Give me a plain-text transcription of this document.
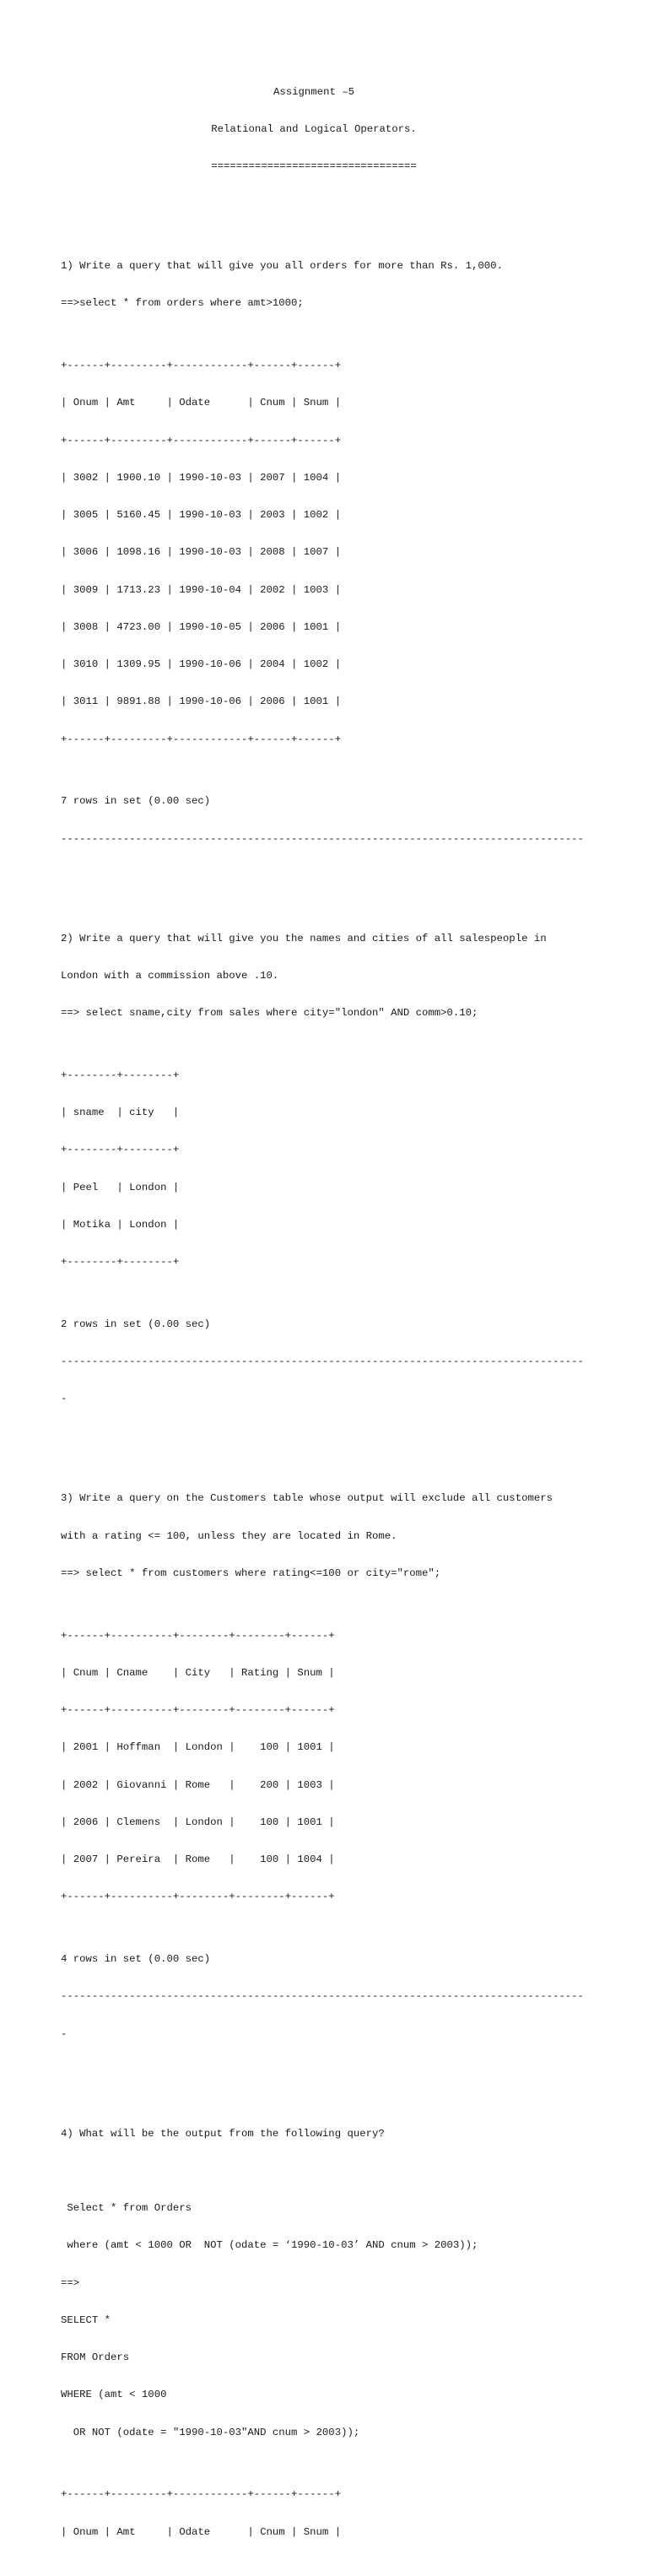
Assignment –5

Relational and Logical Operators.

=================================

1) Write a query that will give you all orders for more than Rs. 1,000.

==>select * from orders where amt>1000;

+------+---------+------------+------+------+

| Onum | Amt     | Odate      | Cnum | Snum |

+------+---------+------------+------+------+

| 3002 | 1900.10 | 1990-10-03 | 2007 | 1004 |

| 3005 | 5160.45 | 1990-10-03 | 2003 | 1002 |

| 3006 | 1098.16 | 1990-10-03 | 2008 | 1007 |

| 3009 | 1713.23 | 1990-10-04 | 2002 | 1003 |

| 3008 | 4723.00 | 1990-10-05 | 2006 | 1001 |

| 3010 | 1309.95 | 1990-10-06 | 2004 | 1002 |

| 3011 | 9891.88 | 1990-10-06 | 2006 | 1001 |

+------+---------+------------+------+------+

7 rows in set (0.00 sec)

------------------------------------------------------------------------------------

2) Write a query that will give you the names and cities of all salespeople in

London with a commission above .10.

==> select sname,city from sales where city="london" AND comm>0.10;

+--------+--------+

| sname  | city   |

+--------+--------+

| Peel   | London |

| Motika | London |

+--------+--------+

2 rows in set (0.00 sec)

------------------------------------------------------------------------------------

-

3) Write a query on the Customers table whose output will exclude all customers

with a rating <= 100, unless they are located in Rome.

==> select * from customers where rating<=100 or city="rome";

+------+----------+--------+--------+------+

| Cnum | Cname    | City   | Rating | Snum |

+------+----------+--------+--------+------+

| 2001 | Hoffman  | London |    100 | 1001 |

| 2002 | Giovanni | Rome   |    200 | 1003 |

| 2006 | Clemens  | London |    100 | 1001 |

| 2007 | Pereira  | Rome   |    100 | 1004 |

+------+----------+--------+--------+------+

4 rows in set (0.00 sec)

------------------------------------------------------------------------------------

-

4) What will be the output from the following query?

Select * from Orders

where (amt < 1000 OR  NOT (odate = ‘1990-10-03’ AND cnum > 2003));

==>

SELECT *

FROM Orders

WHERE (amt < 1000

OR NOT (odate = "1990-10-03"AND cnum > 2003));

+------+---------+------------+------+------+

| Onum | Amt     | Odate      | Cnum | Snum |
